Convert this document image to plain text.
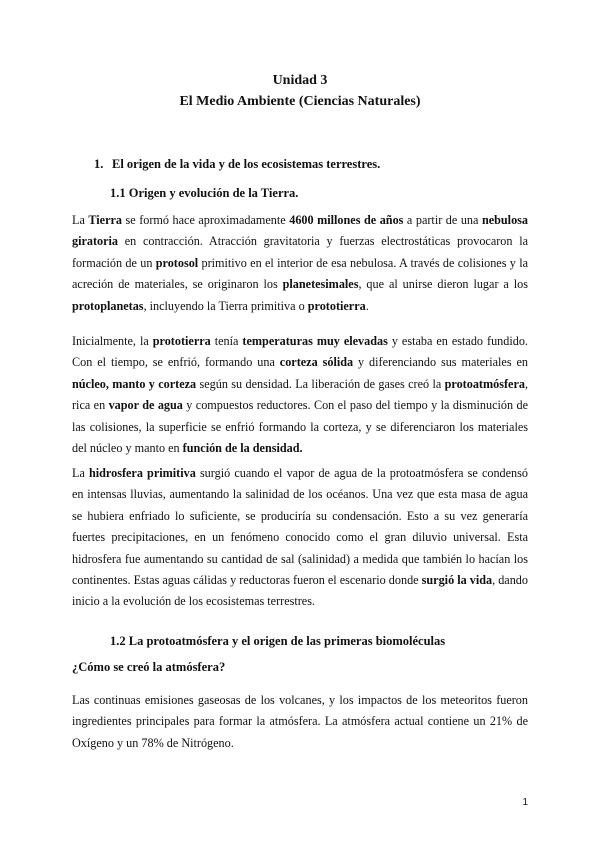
Unidad 3
El Medio Ambiente (Ciencias Naturales)
1. El origen de la vida y de los ecosistemas terrestres.
1.1 Origen y evolución de la Tierra.

La Tierra se formó hace aproximadamente 4600 millones de años a partir de una nebulosa giratoria en contracción. Atracción gravitatoria y fuerzas electrostáticas provocaron la formación de un protosol primitivo en el interior de esa nebulosa. A través de colisiones y la acreción de materiales, se originaron los planetesimales, que al unirse dieron lugar a los protoplanetas, incluyendo la Tierra primitiva o prototierra.

Inicialmente, la prototierra tenía temperaturas muy elevadas y estaba en estado fundido. Con el tiempo, se enfrió, formando una corteza sólida y diferenciando sus materiales en núcleo, manto y corteza según su densidad. La liberación de gases creó la protoatmósfera, rica en vapor de agua y compuestos reductores. Con el paso del tiempo y la disminución de las colisiones, la superficie se enfrió formando la corteza, y se diferenciaron los materiales del núcleo y manto en función de la densidad.

La hidrosfera primitiva surgió cuando el vapor de agua de la protoatmósfera se condensó en intensas lluvias, aumentando la salinidad de los océanos. Una vez que esta masa de agua se hubiera enfriado lo suficiente, se produciría su condensación. Esto a su vez generaría fuertes precipitaciones, en un fenómeno conocido como el gran diluvio universal. Esta hidrosfera fue aumentando su cantidad de sal (salinidad) a medida que también lo hacían los continentes. Estas aguas cálidas y reductoras fueron el escenario donde surgió la vida, dando inicio a la evolución de los ecosistemas terrestres.

1.2 La protoatmósfera y el origen de las primeras biomoléculas
¿Cómo se creó la atmósfera?

Las continuas emisiones gaseosas de los volcanes, y los impactos de los meteoritos fueron ingredientes principales para formar la atmósfera. La atmósfera actual contiene un 21% de Oxígeno y un 78% de Nitrógeno.

1
